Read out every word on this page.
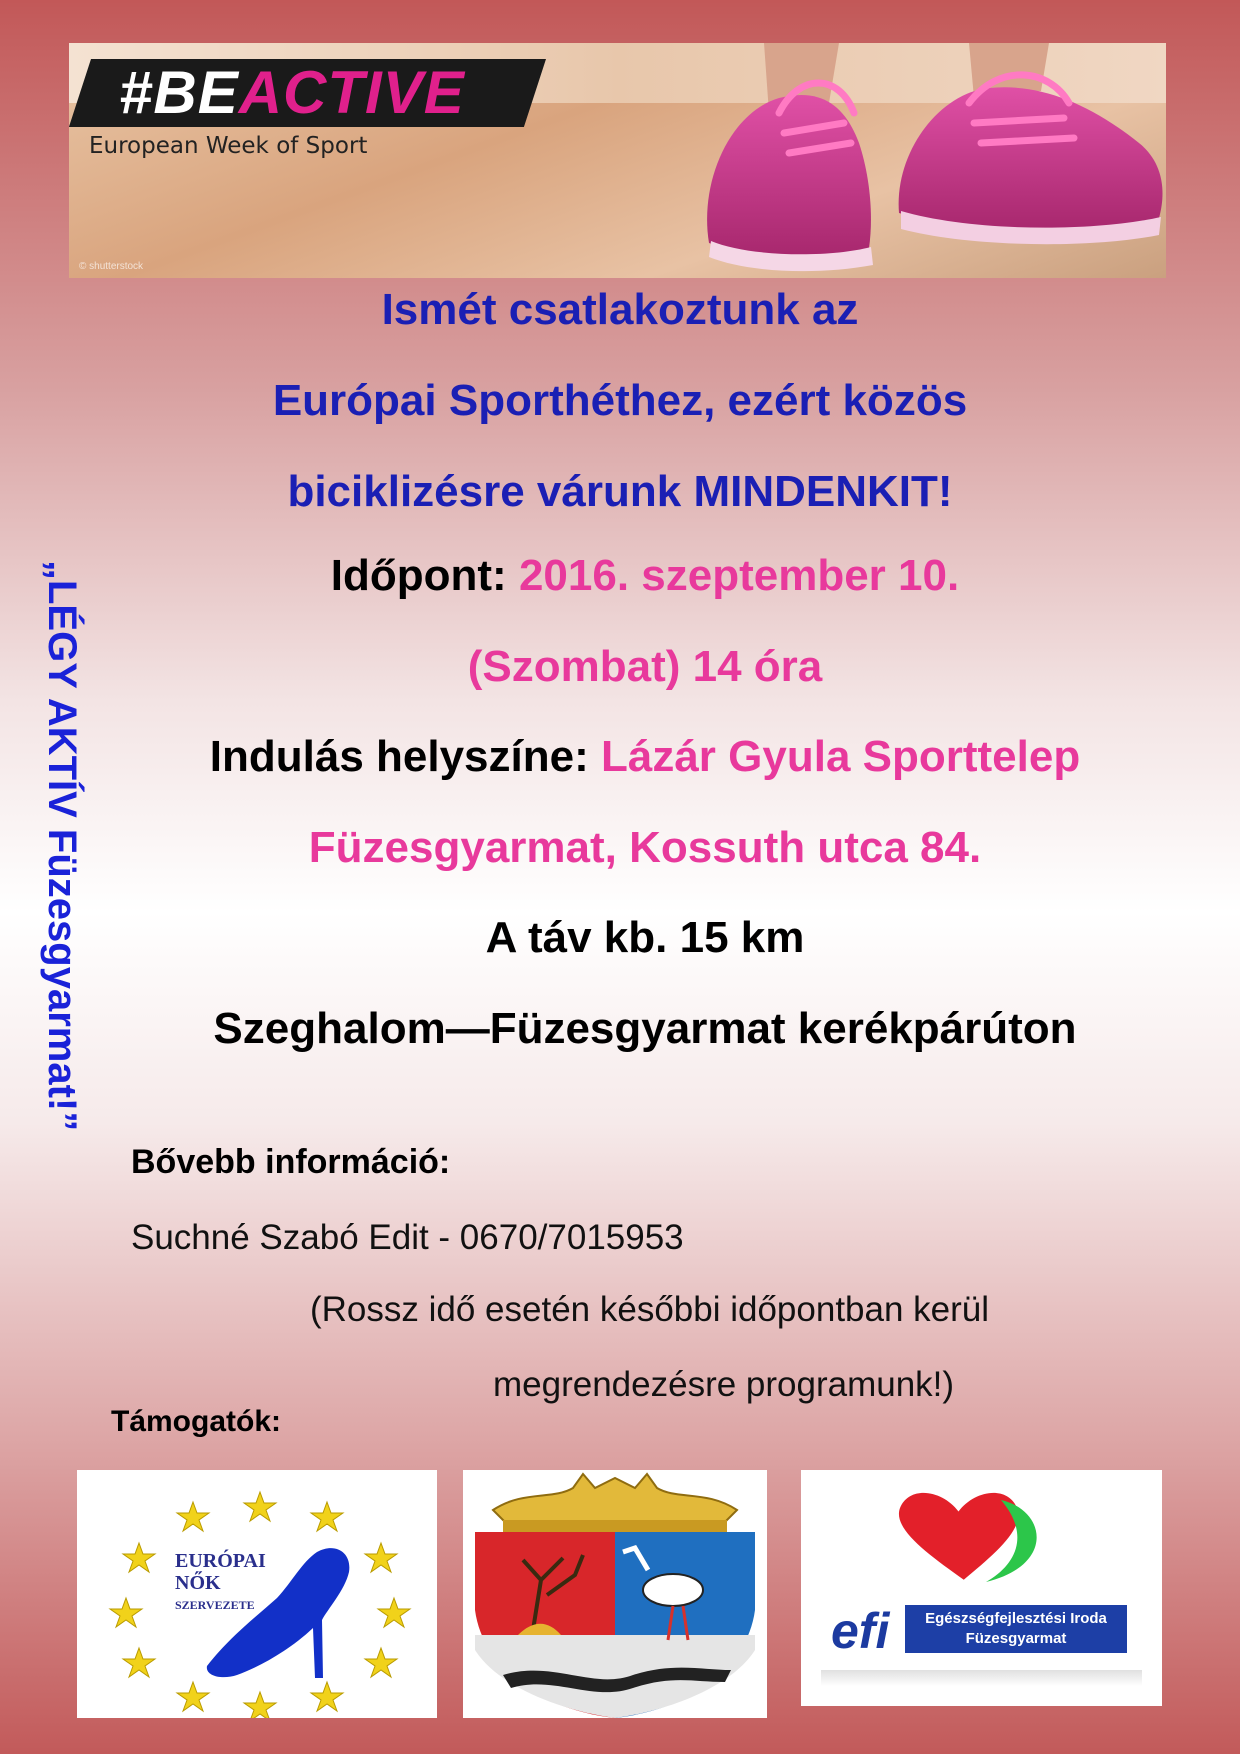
#BEACTIVE
European Week of Sport
© shutterstock
Ismét csatlakoztunk az
Európai Sporthéthez, ezért közös
biciklizésre várunk MINDENKIT!
Időpont: 2016. szeptember 10.
(Szombat) 14 óra
Indulás helyszíne: Lázár Gyula Sporttelep
Füzesgyarmat, Kossuth utca 84.
A táv kb. 15 km
Szeghalom—Füzesgyarmat kerékpárúton
„LÉGY AKTÍV Füzesgyarmat!”
Bővebb információ:
Suchné Szabó Edit - 0670/7015953
(Rossz idő esetén későbbi időpontban kerül
megrendezésre programunk!)
Támogatók:
EURÓPAI
NŐK
SZERVEZETE	efi	Egészségfejlesztési Iroda
Füzesgyarmat
